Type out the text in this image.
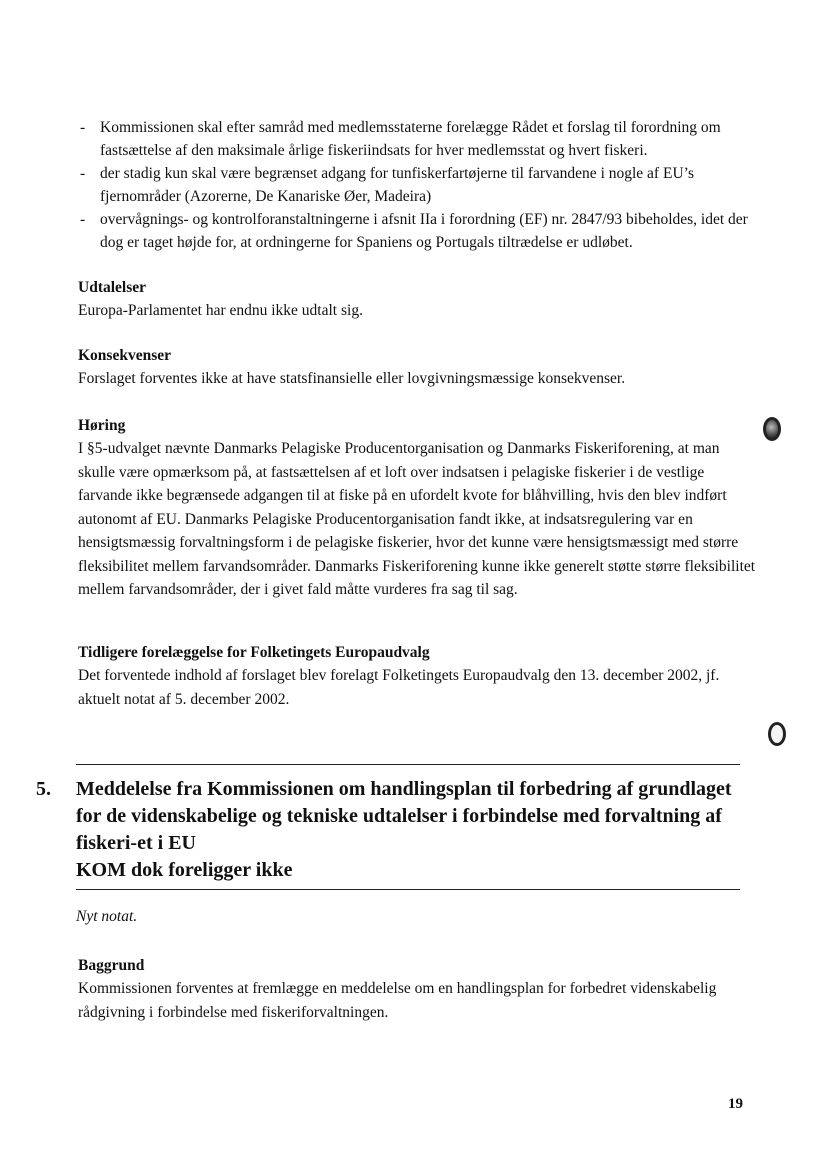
- Kommissionen skal efter samråd med medlemsstaterne forelægge Rådet et forslag til forordning om fastsættelse af den maksimale årlige fiskeriindsats for hver medlemsstat og hvert fiskeri.
- der stadig kun skal være begrænset adgang for tunfiskerfartøjerne til farvandene i nogle af EU’s fjernområder (Azorerne, De Kanariske Øer, Madeira)
- overvågnings- og kontrolforanstaltningerne i afsnit IIa i forordning (EF) nr. 2847/93 bibeholdes, idet der dog er taget højde for, at ordningerne for Spaniens og Portugals tiltrædelse er udløbet.
Udtalelser

Europa-Parlamentet har endnu ikke udtalt sig.

Konsekvenser

Forslaget forventes ikke at have statsfinansielle eller lovgivningsmæssige konsekvenser.

Høring

I §5-udvalget nævnte Danmarks Pelagiske Producentorganisation og Danmarks Fiskeriforening, at man skulle være opmærksom på, at fastsættelsen af et loft over indsatsen i pelagiske fiskerier i de vestlige farvande ikke begrænsede adgangen til at fiske på en ufordelt kvote for blåhvilling, hvis den blev indført autonomt af EU. Danmarks Pelagiske Producentorganisation fandt ikke, at indsatsregulering var en hensigtsmæssig forvaltningsform i de pelagiske fiskerier, hvor det kunne være hensigtsmæssigt med større fleksibilitet mellem farvandsområder. Danmarks Fiskeriforening kunne ikke generelt støtte større fleksibilitet mellem farvandsområder, der i givet fald måtte vurderes fra sag til sag.

Tidligere forelæggelse for Folketingets Europaudvalg

Det forventede indhold af forslaget blev forelagt Folketingets Europaudvalg den 13. december 2002, jf. aktuelt notat af 5. december 2002.

5. Meddelelse fra Kommissionen om handlingsplan til forbedring af grundlaget for de videnskabelige og tekniske udtalelser i forbindelse med forvaltning af fiskeri-et i EU
KOM dok foreligger ikke
Nyt notat.
Baggrund

Kommissionen forventes at fremlægge en meddelelse om en handlingsplan for forbedret videnskabelig rådgivning i forbindelse med fiskeriforvaltningen.

19
